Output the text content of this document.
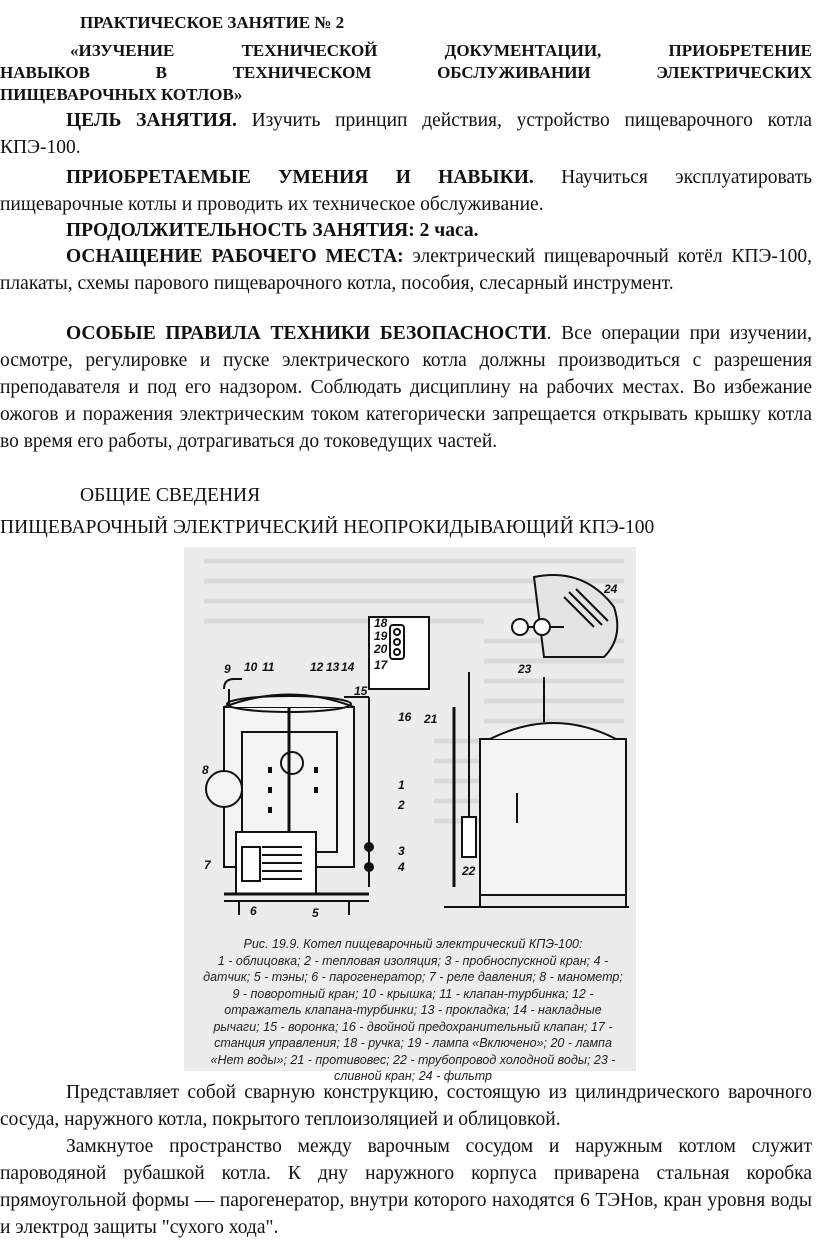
ПРАКТИЧЕСКОЕ ЗАНЯТИЕ № 2
«ИЗУЧЕНИЕ ТЕХНИЧЕСКОЙ ДОКУМЕНТАЦИИ, ПРИОБРЕТЕНИЕ
НАВЫКОВ В ТЕХНИЧЕСКОМ ОБСЛУЖИВАНИИ ЭЛЕКТРИЧЕСКИХ
ПИЩЕВАРОЧНЫХ КОТЛОВ»
ЦЕЛЬ ЗАНЯТИЯ. Изучить принцип действия, устройство пищеварочного котла КПЭ-100.
ПРИОБРЕТАЕМЫЕ УМЕНИЯ И НАВЫКИ. Научиться эксплуатировать пищеварочные котлы и проводить их техническое обслуживание.
ПРОДОЛЖИТЕЛЬНОСТЬ ЗАНЯТИЯ: 2 часа.
ОСНАЩЕНИЕ РАБОЧЕГО МЕСТА: электрический пищеварочный котёл КПЭ-100, плакаты, схемы парового пищеварочного котла, пособия, слесарный инструмент.
ОСОБЫЕ ПРАВИЛА ТЕХНИКИ БЕЗОПАСНОСТИ. Все операции при изучении, осмотре, регулировке и пуске электрического котла должны производиться с разрешения преподавателя и под его надзором. Соблюдать дисциплину на рабочих местах. Во избежание ожогов и поражения электрическим током категорически запрещается открывать крышку котла во время его работы, дотрагиваться до токоведущих частей.
ОБЩИЕ СВЕДЕНИЯ
ПИЩЕВАРОЧНЫЙ ЭЛЕКТРИЧЕСКИЙ НЕОПРОКИДЫВАЮЩИЙ КПЭ-100
9 10 11	12 13 14
15
16
8
1
2
3
4
7
6	5
18
19
20
17
21
22
23
24
Рис. 19.9. Котел пищеварочный электрический КПЭ-100:
1 - облицовка; 2 - тепловая изоляция; 3 - пробноспускной кран; 4 - датчик; 5 - тэны; 6 - парогенератор; 7 - реле давления; 8 - манометр; 9 - поворотный кран; 10 - крышка; 11 - клапан-турбинка; 12 - отражатель клапана-турбинки; 13 - прокладка; 14 - накладные рычаги; 15 - воронка; 16 - двойной предохранительный клапан; 17 - станция управления; 18 - ручка; 19 - лампа «Включено»; 20 - лампа «Нет воды»; 21 - противовес; 22 - трубопровод холодной воды; 23 - сливной кран; 24 - фильтр
Представляет собой сварную конструкцию, состоящую из цилиндрического варочного сосуда, наружного котла, покрытого теплоизоляцией и облицовкой.
Замкнутое пространство между варочным сосудом и наружным котлом служит пароводяной рубашкой котла. К дну наружного корпуса приварена стальная коробка прямоугольной формы — парогенератор, внутри которого находятся 6 ТЭНов, кран уровня воды и электрод защиты "сухого хода".
